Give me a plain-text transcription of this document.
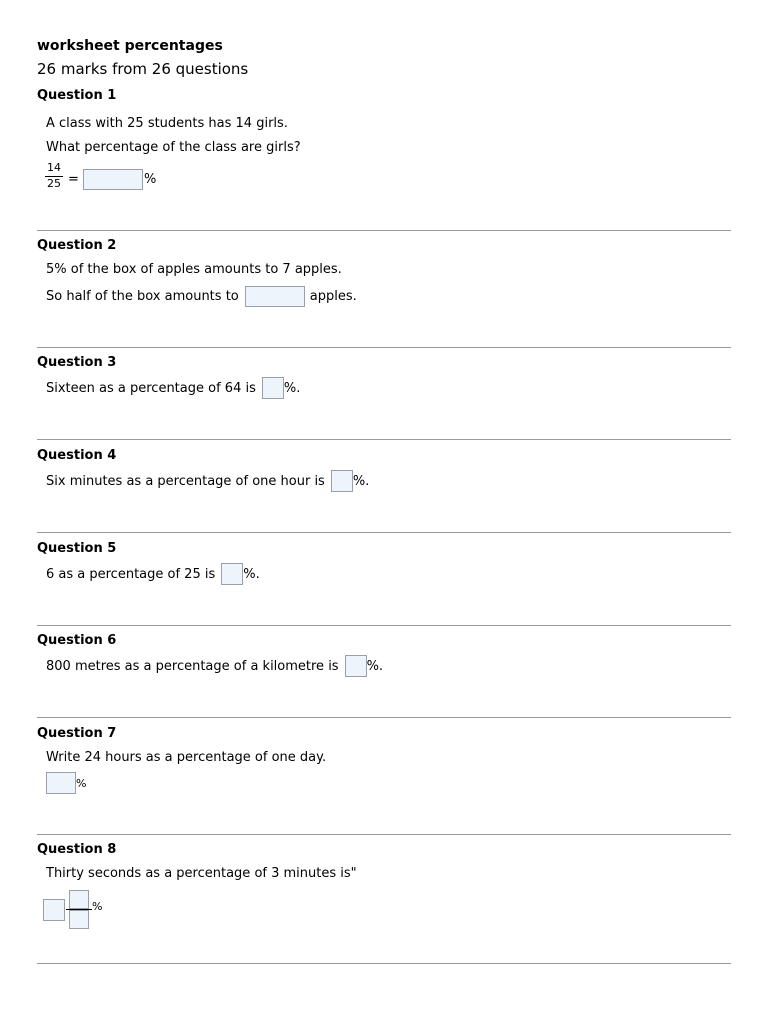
worksheet percentages
26 marks from 26 questions
Question 1
A class with 25 students has 14 girls.
What percentage of the class are girls?
14
25 =	%
Question 2
5% of the box of apples amounts to 7 apples.
So half of the box amounts to	apples.
Question 3
Sixteen as a percentage of 64 is %.
Question 4
Six minutes as a percentage of one hour is %.
Question 5
6 as a percentage of 25 is %.
Question 6
800 metres as a percentage of a kilometre is %.
Question 7
Write 24 hours as a percentage of one day.
%
Question 8
Thirty seconds as a percentage of 3 minutes is"
%
